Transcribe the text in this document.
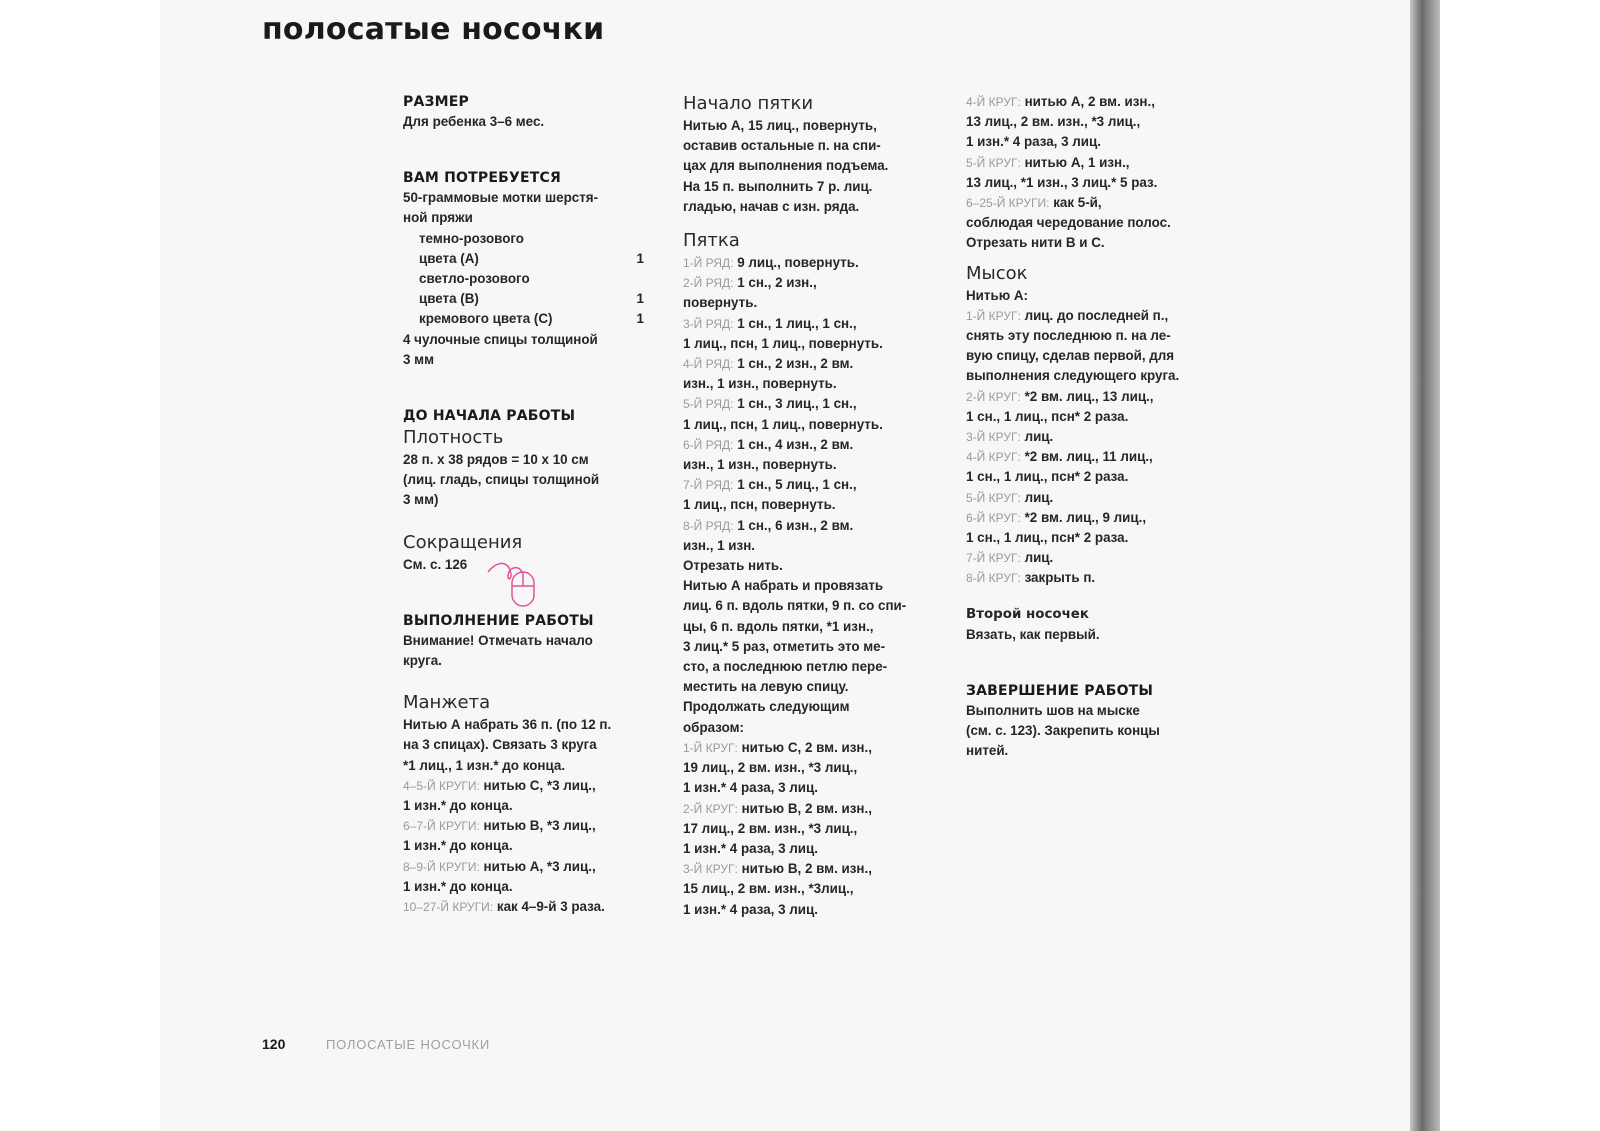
полосатые носочки
РАЗМЕР
Для ребенка 3–6 мес.
ВАМ ПОТРЕБУЕТСЯ
50-граммовые мотки шерстя-
ной пряжи
темно-розового
цвета (А)	1
светло-розового
цвета (В)	1
кремового цвета (С)	1
4 чулочные спицы толщиной
3 мм
ДО НАЧАЛА РАБОТЫ
Плотность
28 п. х 38 рядов = 10 х 10 см
(лиц. гладь, спицы толщиной
3 мм)
Сокращения
См. с. 126
ВЫПОЛНЕНИЕ РАБОТЫ
Внимание! Отмечать начало
круга.
Манжета
Нитью А набрать 36 п. (по 12 п.
на 3 спицах). Связать 3 круга
*1 лиц., 1 изн.* до конца.
4–5-Й КРУГИ: нитью С, *3 лиц.,
1 изн.* до конца.
6–7-Й КРУГИ: нитью В, *3 лиц.,
1 изн.* до конца.
8–9-Й КРУГИ: нитью А, *3 лиц.,
1 изн.* до конца.
10–27-Й КРУГИ: как 4–9-й 3 раза.
Начало пятки
Нитью А, 15 лиц., повернуть,
оставив остальные п. на спи-
цах для выполнения подъема.
На 15 п. выполнить 7 р. лиц.
гладью, начав с изн. ряда.
Пятка
1-Й РЯД: 9 лиц., повернуть.
2-Й РЯД: 1 сн., 2 изн.,
повернуть.
3-Й РЯД: 1 сн., 1 лиц., 1 сн.,
1 лиц., псн, 1 лиц., повернуть.
4-Й РЯД: 1 сн., 2 изн., 2 вм.
изн., 1 изн., повернуть.
5-Й РЯД: 1 сн., 3 лиц., 1 сн.,
1 лиц., псн, 1 лиц., повернуть.
6-Й РЯД: 1 сн., 4 изн., 2 вм.
изн., 1 изн., повернуть.
7-Й РЯД: 1 сн., 5 лиц., 1 сн.,
1 лиц., псн, повернуть.
8-Й РЯД: 1 сн., 6 изн., 2 вм.
изн., 1 изн.
Отрезать нить.
Нитью А набрать и провязать
лиц. 6 п. вдоль пятки, 9 п. со спи-
цы, 6 п. вдоль пятки, *1 изн.,
3 лиц.* 5 раз, отметить это ме-
сто, а последнюю петлю пере-
местить на левую спицу.
Продолжать следующим
образом:
1-Й КРУГ: нитью С, 2 вм. изн.,
19 лиц., 2 вм. изн., *3 лиц.,
1 изн.* 4 раза, 3 лиц.
2-Й КРУГ: нитью В, 2 вм. изн.,
17 лиц., 2 вм. изн., *3 лиц.,
1 изн.* 4 раза, 3 лиц.
3-Й КРУГ: нитью В, 2 вм. изн.,
15 лиц., 2 вм. изн., *3лиц.,
1 изн.* 4 раза, 3 лиц.
4-Й КРУГ: нитью А, 2 вм. изн.,
13 лиц., 2 вм. изн., *3 лиц.,
1 изн.* 4 раза, 3 лиц.
5-Й КРУГ: нитью А, 1 изн.,
13 лиц., *1 изн., 3 лиц.* 5 раз.
6–25-Й КРУГИ: как 5-й,
соблюдая чередование полос.
Отрезать нити В и С.
Мысок
Нитью А:
1-Й КРУГ: лиц. до последней п.,
снять эту последнюю п. на ле-
вую спицу, сделав первой, для
выполнения следующего круга.
2-Й КРУГ: *2 вм. лиц., 13 лиц.,
1 сн., 1 лиц., псн* 2 раза.
3-Й КРУГ: лиц.
4-Й КРУГ: *2 вм. лиц., 11 лиц.,
1 сн., 1 лиц., псн* 2 раза.
5-Й КРУГ: лиц.
6-Й КРУГ: *2 вм. лиц., 9 лиц.,
1 сн., 1 лиц., псн* 2 раза.
7-Й КРУГ: лиц.
8-Й КРУГ: закрыть п.
Второй носочек
Вязать, как первый.
ЗАВЕРШЕНИЕ РАБОТЫ
Выполнить шов на мыске
(см. с. 123). Закрепить концы
нитей.
120	ПОЛОСАТЫЕ НОСОЧКИ
